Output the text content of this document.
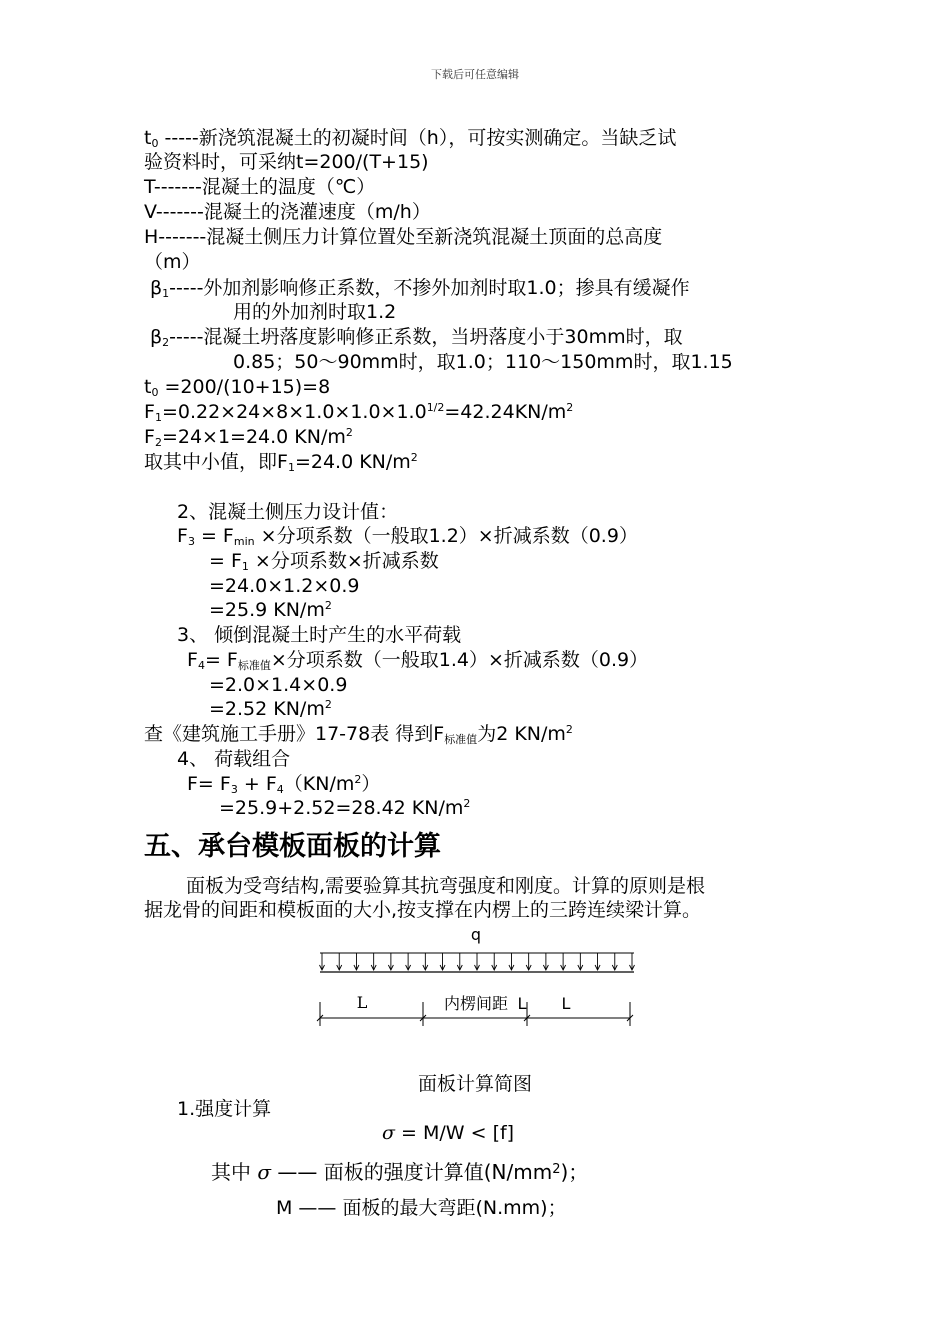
下载后可任意编辑
$t_0$ -----新浇筑混凝土的初凝时间（h），可按实测确定。当缺乏试
验资料时，可采纳t=200/(T+15)
T-------混凝土的温度（℃）
V-------混凝土的浇灌速度（m/h）
H-------混凝土侧压力计算位置处至新浇筑混凝土顶面的总高度
（m）
$\beta_1-----$外加剂影响修正系数，不掺外加剂时取1.0；掺具有缓凝作
用的外加剂时取1.2
$\beta_2-----$混凝土坍落度影响修正系数，当坍落度小于30mm时，取
0.85；50～90mm时，取1.0；110～150mm时，取1.15
$t_0 =200/(10+15)=8$
$F_1=0.22\times 24\times 8\times 1.0\times 1.0\times 1.0^{1/2}=42.24KN/m^2$
$F_2=24\times 1=24.0$ $KN/m^2$
取其中小值，即$F_1=24.0$ $KN/m^2$
2、混凝土侧压力设计值：
$F_3 = F_{min}$ ×分项系数（一般取1.2）×折减系数（0.9）
= $F_1$ ×分项系数×折减系数
=24.0×1.2×0.9
=25.9 $KN/m^2$
3、 倾倒混凝土时产生的水平荷载
$F_4= F_{标准值}\times$分项系数（一般取1.4）×折减系数（0.9）
=2.0×1.4×0.9
=2.52 $KN/m^2$
查《建筑施工手册》17-78表 得到$F_{标准值}$为2 $KN/m^2$
4、 荷载组合
$F= F_3 + F_4(KN/m^2)$
=25.9+2.52=28.42 $KN/m^2$
五、承台模板面板的计算
面板为受弯结构,需要验算其抗弯强度和刚度。计算的原则是根
据龙骨的间距和模板面的大小,按支撑在内楞上的三跨连续梁计算。
q
L	内楞间距 L L
面板计算简图
1.强度计算
σ = M/W < [f]
其中 σ —— 面板的强度计算值$(N/mm^2)$；
M —— 面板的最大弯距(N.mm)；
